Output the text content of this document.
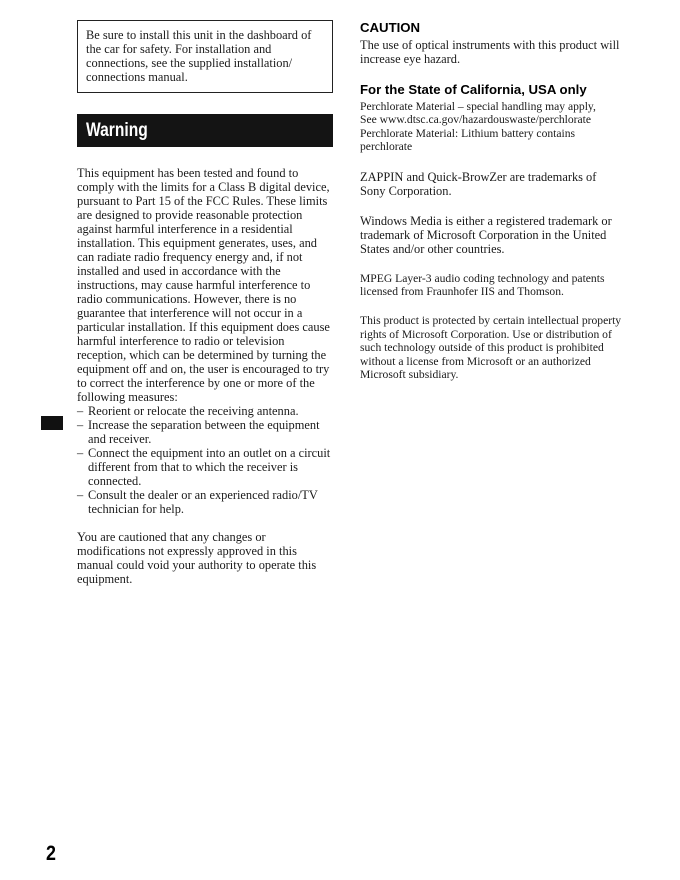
Be sure to install this unit in the dashboard of the car for safety. For installation and connections, see the supplied installation/ connections manual.
Warning

This equipment has been tested and found to comply with the limits for a Class B digital device, pursuant to Part 15 of the FCC Rules. These limits are designed to provide reasonable protection against harmful interference in a residential installation. This equipment generates, uses, and can radiate radio frequency energy and, if not installed and used in accordance with the instructions, may cause harmful interference to radio communications. However, there is no guarantee that interference will not occur in a particular installation. If this equipment does cause harmful interference to radio or television reception, which can be determined by turning the equipment off and on, the user is encouraged to try to correct the interference by one or more of the following measures:

– Reorient or relocate the receiving antenna.
– Increase the separation between the equipment and receiver.
– Connect the equipment into an outlet on a circuit different from that to which the receiver is connected.
– Consult the dealer or an experienced radio/TV technician for help.

You are cautioned that any changes or modifications not expressly approved in this manual could void your authority to operate this equipment.

CAUTION

The use of optical instruments with this product will increase eye hazard.

For the State of California, USA only

Perchlorate Material – special handling may apply,

See www.dtsc.ca.gov/hazardouswaste/perchlorate

Perchlorate Material: Lithium battery contains perchlorate

ZAPPIN and Quick-BrowZer are trademarks of Sony Corporation.

Windows Media is either a registered trademark or trademark of Microsoft Corporation in the United States and/or other countries.

MPEG Layer-3 audio coding technology and patents licensed from Fraunhofer IIS and Thomson.

This product is protected by certain intellectual property rights of Microsoft Corporation. Use or distribution of such technology outside of this product is prohibited without a license from Microsoft or an authorized Microsoft subsidiary.

2
